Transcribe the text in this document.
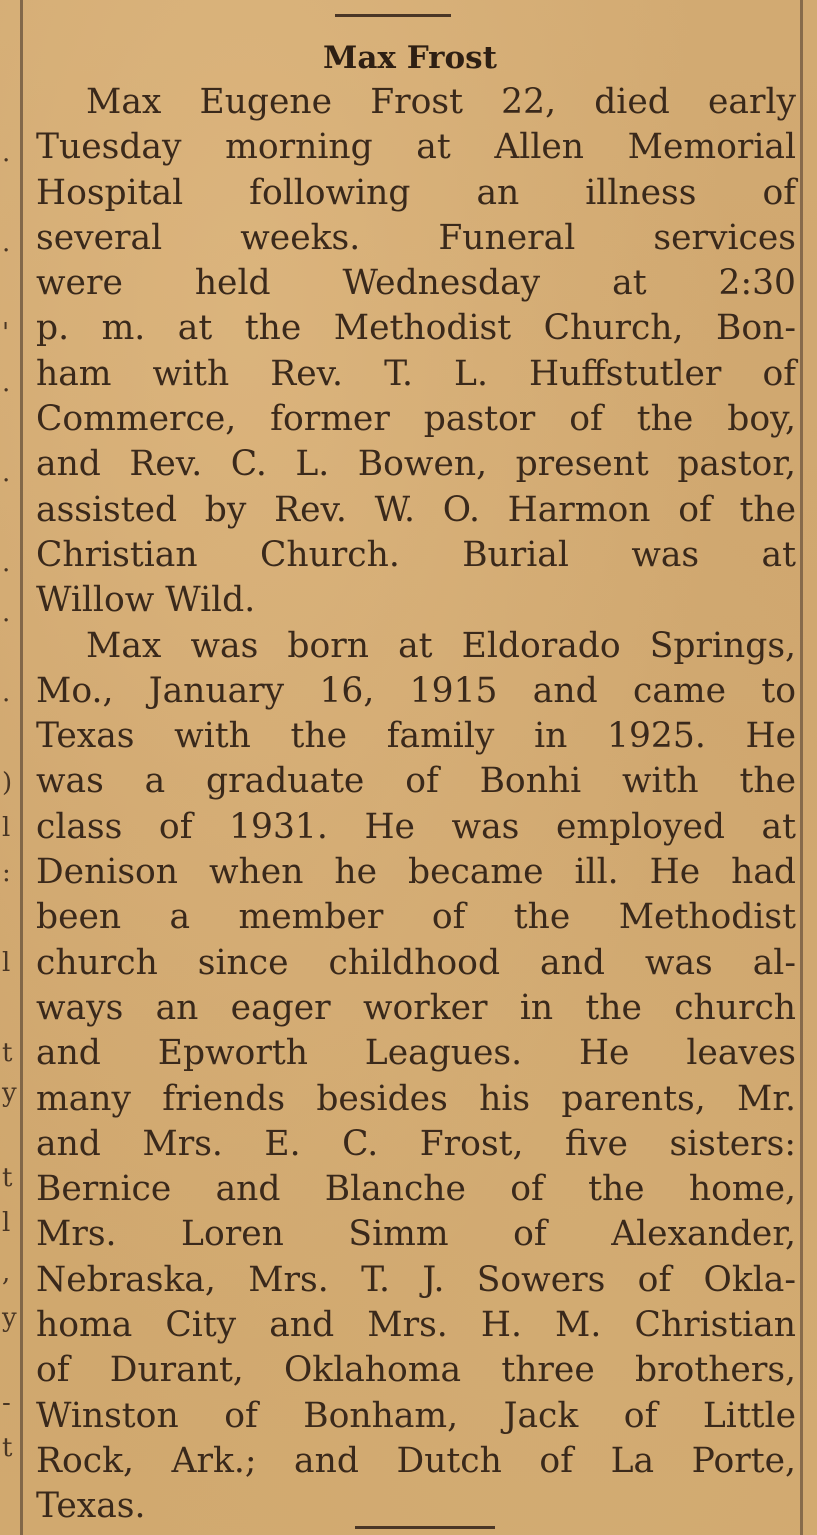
.
.
'
.
.
.
.
.
)
l
:
l
t
y
t
l
,
y
-
t
Max Frost
Max Eugene Frost 22, died early
Tuesday morning at Allen Memorial
Hospital following an illness of
several weeks. Funeral services
were held Wednesday at 2:30
p. m. at the Methodist Church, Bon-
ham with Rev. T. L. Huffstutler of
Commerce, former pastor of the boy,
and Rev. C. L. Bowen, present pastor,
assisted by Rev. W. O. Harmon of the
Christian Church. Burial was at
Willow Wild.
Max was born at Eldorado Springs,
Mo., January 16, 1915 and came to
Texas with the family in 1925. He
was a graduate of Bonhi with the
class of 1931. He was employed at
Denison when he became ill. He had
been a member of the Methodist
church since childhood and was al-
ways an eager worker in the church
and Epworth Leagues. He leaves
many friends besides his parents, Mr.
and Mrs. E. C. Frost, five sisters:
Bernice and Blanche of the home,
Mrs. Loren Simm of Alexander,
Nebraska, Mrs. T. J. Sowers of Okla-
homa City and Mrs. H. M. Christian
of Durant, Oklahoma three brothers,
Winston of Bonham, Jack of Little
Rock, Ark.; and Dutch of La Porte,
Texas.
